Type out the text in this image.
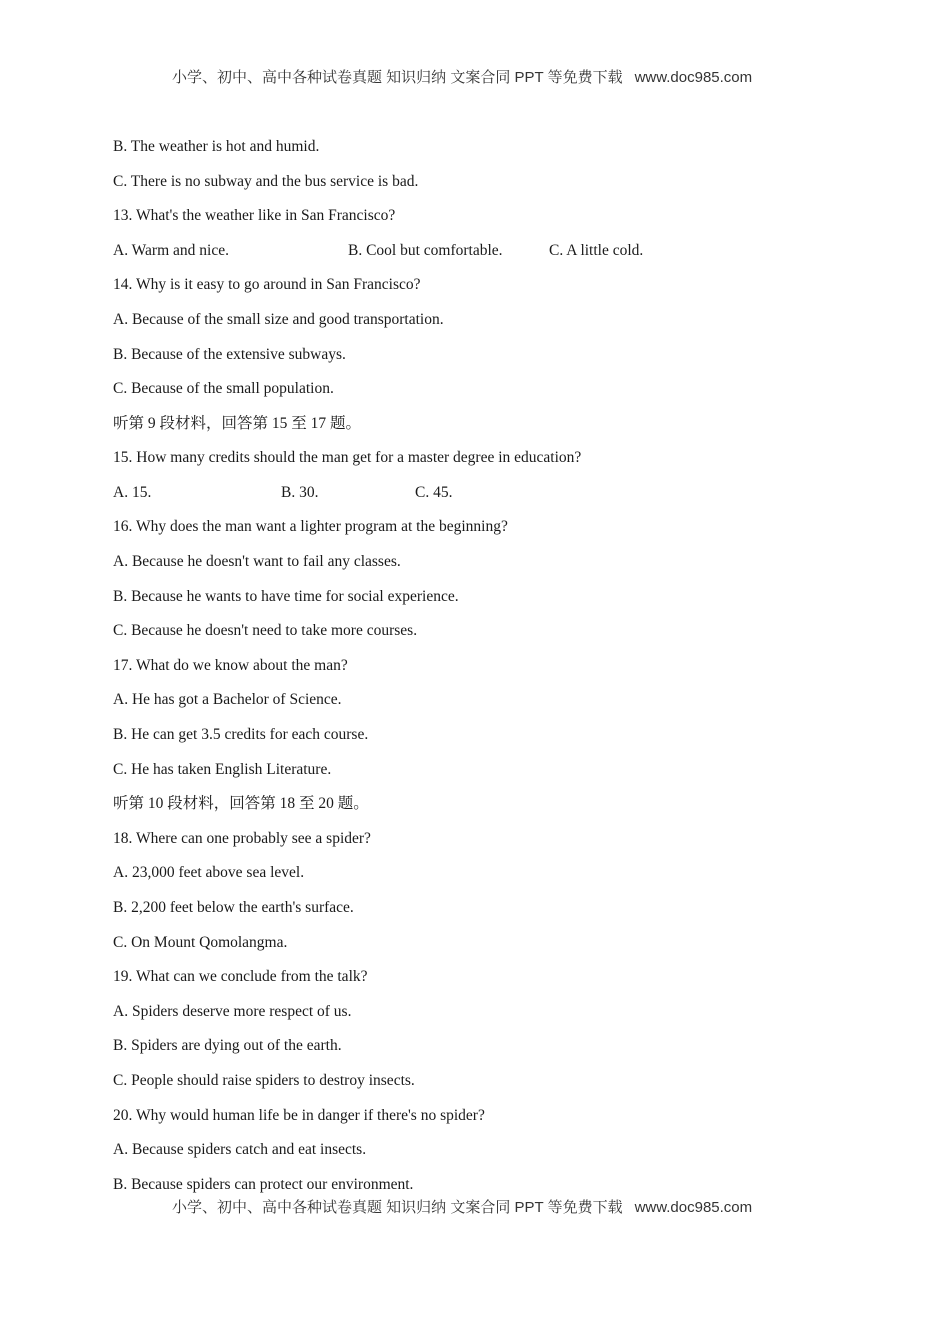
小学、初中、高中各种试卷真题 知识归纳 文案合同 PPT 等免费下载 www.doc985.com
B. The weather is hot and humid.
C. There is no subway and the bus service is bad.
13. What's the weather like in San Francisco?
A. Warm and nice.	B. Cool but comfortable.	C. A little cold.
14. Why is it easy to go around in San Francisco?
A. Because of the small size and good transportation.
B. Because of the extensive subways.
C. Because of the small population.
听第 9 段材料，回答第 15 至 17 题。
15. How many credits should the man get for a master degree in education?
A. 15.	B. 30.	C. 45.
16. Why does the man want a lighter program at the beginning?
A. Because he doesn't want to fail any classes.
B. Because he wants to have time for social experience.
C. Because he doesn't need to take more courses.
17. What do we know about the man?
A. He has got a Bachelor of Science.
B. He can get 3.5 credits for each course.
C. He has taken English Literature.
听第 10 段材料，回答第 18 至 20 题。
18. Where can one probably see a spider?
A. 23,000 feet above sea level.
B. 2,200 feet below the earth's surface.
C. On Mount Qomolangma.
19. What can we conclude from the talk?
A. Spiders deserve more respect of us.
B. Spiders are dying out of the earth.
C. People should raise spiders to destroy insects.
20. Why would human life be in danger if there's no spider?
A. Because spiders catch and eat insects.
B. Because spiders can protect our environment.
小学、初中、高中各种试卷真题 知识归纳 文案合同 PPT 等免费下载 www.doc985.com
